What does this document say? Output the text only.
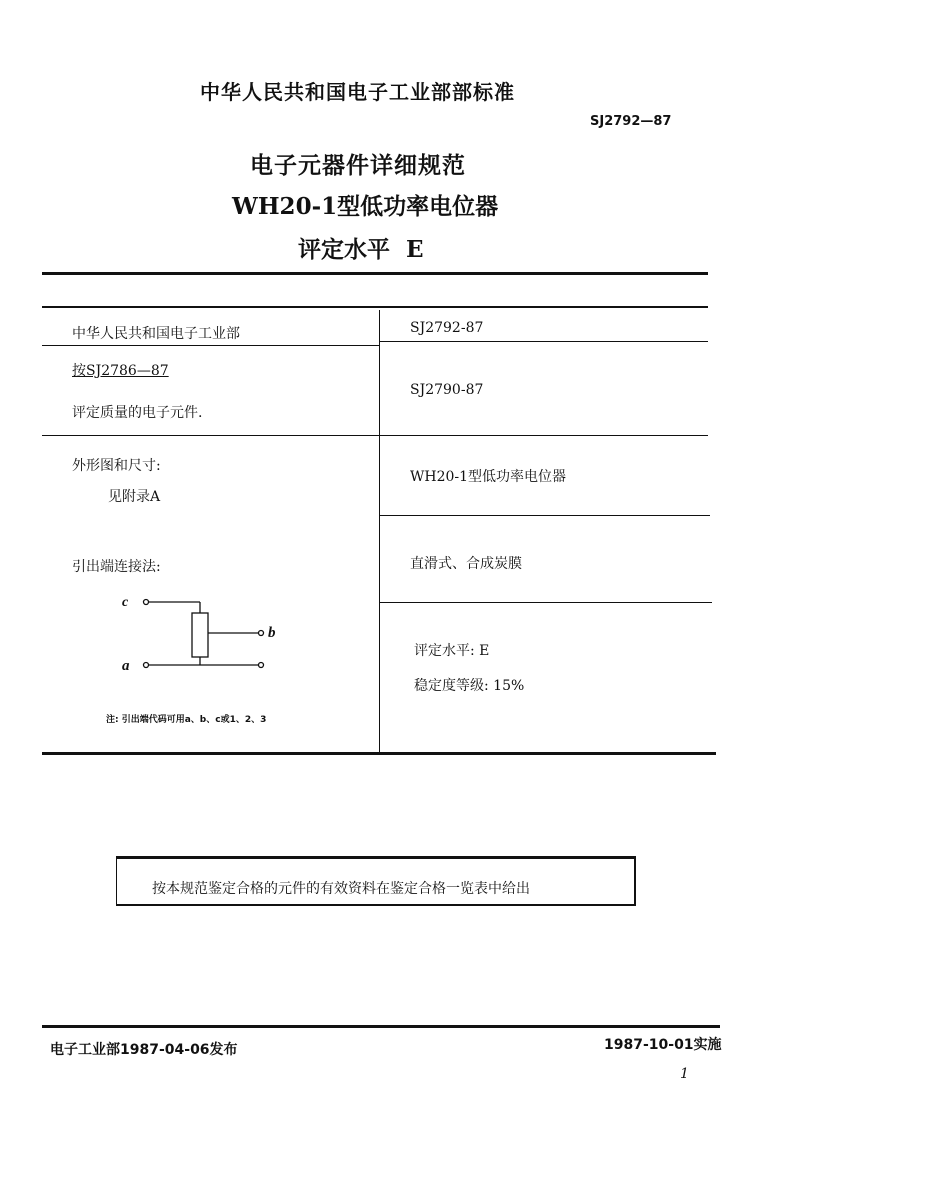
中华人民共和国电子工业部部标准
SJ2792—87
电子元器件详细规范
WH20-1型低功率电位器
评定水平  E
中华人民共和国电子工业部
按SJ2786—87
评定质量的电子元件.
外形图和尺寸:
见附录A
引出端连接法:
SJ2792-87
SJ2790-87
WH20-1型低功率电位器
直滑式、合成炭膜
评定水平: E
稳定度等级: 15%
c
b
a
注: 引出端代码可用a、b、c或1、2、3
按本规范鉴定合格的元件的有效资料在鉴定合格一览表中给出
电子工业部1987-04-06发布	1987-10-01实施
1
